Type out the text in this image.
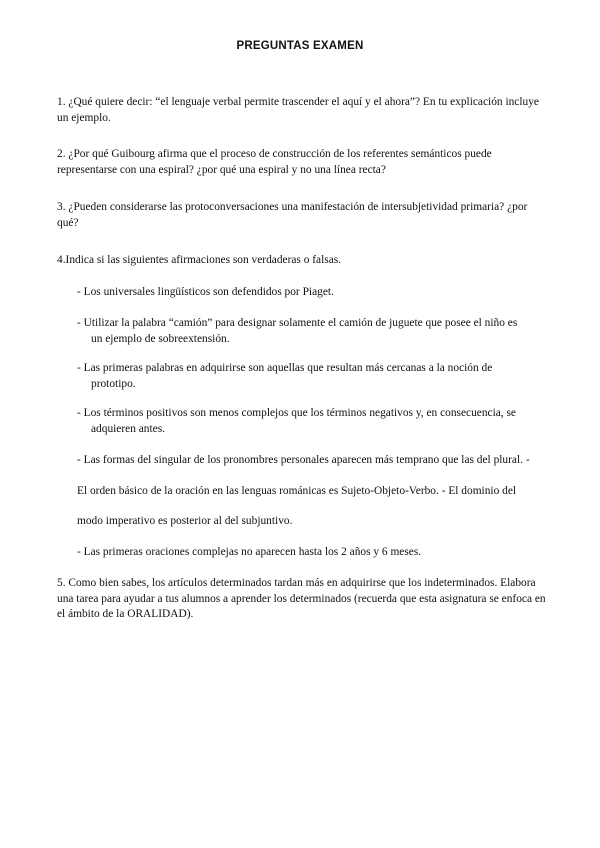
PREGUNTAS EXAMEN
1. ¿Qué quiere decir: “el lenguaje verbal permite trascender el aquí y el ahora”? En tu explicación incluye un ejemplo.
2. ¿Por qué Guibourg afirma que el proceso de construcción de los referentes semánticos puede representarse con una espiral? ¿por qué una espiral y no una línea recta?
3. ¿Pueden considerarse las protoconversaciones una manifestación de intersubjetividad primaria? ¿por qué?
4.Indica si las siguientes afirmaciones son verdaderas o falsas.
- Los universales lingüísticos son defendidos por Piaget.
- Utilizar la palabra “camión” para designar solamente el camión de juguete que posee el niño es
un ejemplo de sobreextensión.
- Las primeras palabras en adquirirse son aquellas que resultan más cercanas a la noción de
prototipo.
- Los términos positivos son menos complejos que los términos negativos y, en consecuencia, se
adquieren antes.
- Las formas del singular de los pronombres personales aparecen más temprano que las del plural. -
El orden básico de la oración en las lenguas románicas es Sujeto-Objeto-Verbo. - El dominio del
modo imperativo es posterior al del subjuntivo.
- Las primeras oraciones complejas no aparecen hasta los 2 años y 6 meses.
5. Como bien sabes, los artículos determinados tardan más en adquirirse que los indeterminados. Elabora una tarea para ayudar a tus alumnos a aprender los determinados (recuerda que esta asignatura se enfoca en el ámbito de la ORALIDAD).
